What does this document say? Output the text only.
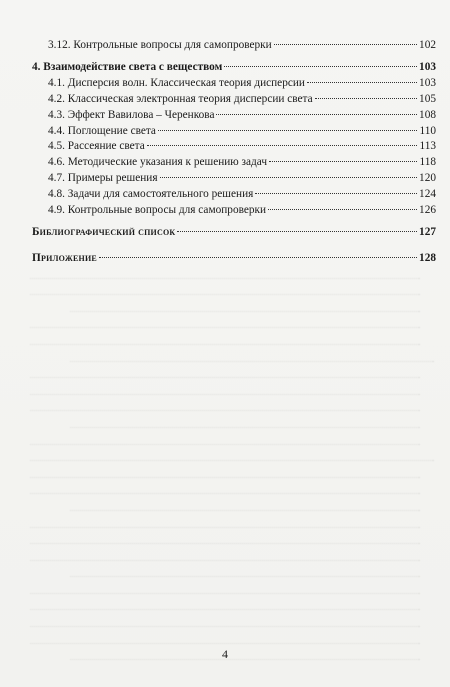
3.12. Контрольные вопросы для самопроверки	102
4. Взаимодействие света с веществом	103
4.1. Дисперсия волн. Классическая теория дисперсии	103
4.2. Классическая электронная теория дисперсии света	105
4.3. Эффект Вавилова – Черенкова	108
4.4. Поглощение света	110
4.5. Рассеяние света	113
4.6. Методические указания к решению задач	118
4.7. Примеры решения	120
4.8. Задачи для самостоятельного решения	124
4.9. Контрольные вопросы для самопроверки	126
Библиографический список	127
Приложение	128
4
